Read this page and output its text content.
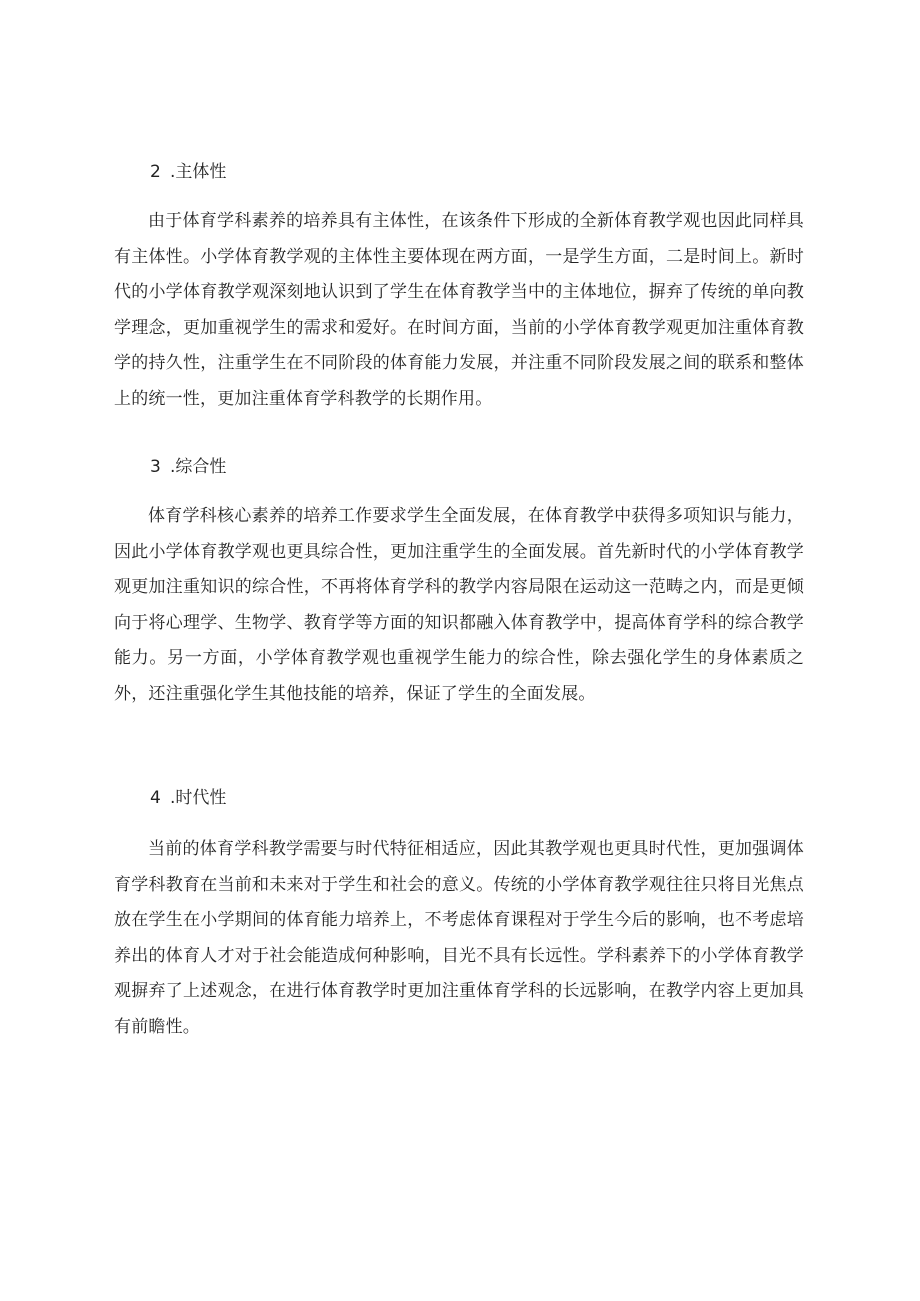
2 .主体性

由于体育学科素养的培养具有主体性，在该条件下形成的全新体育教学观也因此同样具有主体性。小学体育教学观的主体性主要体现在两方面，一是学生方面，二是时间上。新时代的小学体育教学观深刻地认识到了学生在体育教学当中的主体地位，摒弃了传统的单向教学理念，更加重视学生的需求和爱好。在时间方面，当前的小学体育教学观更加注重体育教学的持久性，注重学生在不同阶段的体育能力发展，并注重不同阶段发展之间的联系和整体上的统一性，更加注重体育学科教学的长期作用。

3 .综合性

体育学科核心素养的培养工作要求学生全面发展，在体育教学中获得多项知识与能力，因此小学体育教学观也更具综合性，更加注重学生的全面发展。首先新时代的小学体育教学观更加注重知识的综合性，不再将体育学科的教学内容局限在运动这一范畴之内，而是更倾向于将心理学、生物学、教育学等方面的知识都融入体育教学中，提高体育学科的综合教学能力。另一方面，小学体育教学观也重视学生能力的综合性，除去强化学生的身体素质之外，还注重强化学生其他技能的培养，保证了学生的全面发展。

4 .时代性

当前的体育学科教学需要与时代特征相适应，因此其教学观也更具时代性，更加强调体育学科教育在当前和未来对于学生和社会的意义。传统的小学体育教学观往往只将目光焦点放在学生在小学期间的体育能力培养上，不考虑体育课程对于学生今后的影响，也不考虑培养出的体育人才对于社会能造成何种影响，目光不具有长远性。学科素养下的小学体育教学观摒弃了上述观念，在进行体育教学时更加注重体育学科的长远影响，在教学内容上更加具有前瞻性。
